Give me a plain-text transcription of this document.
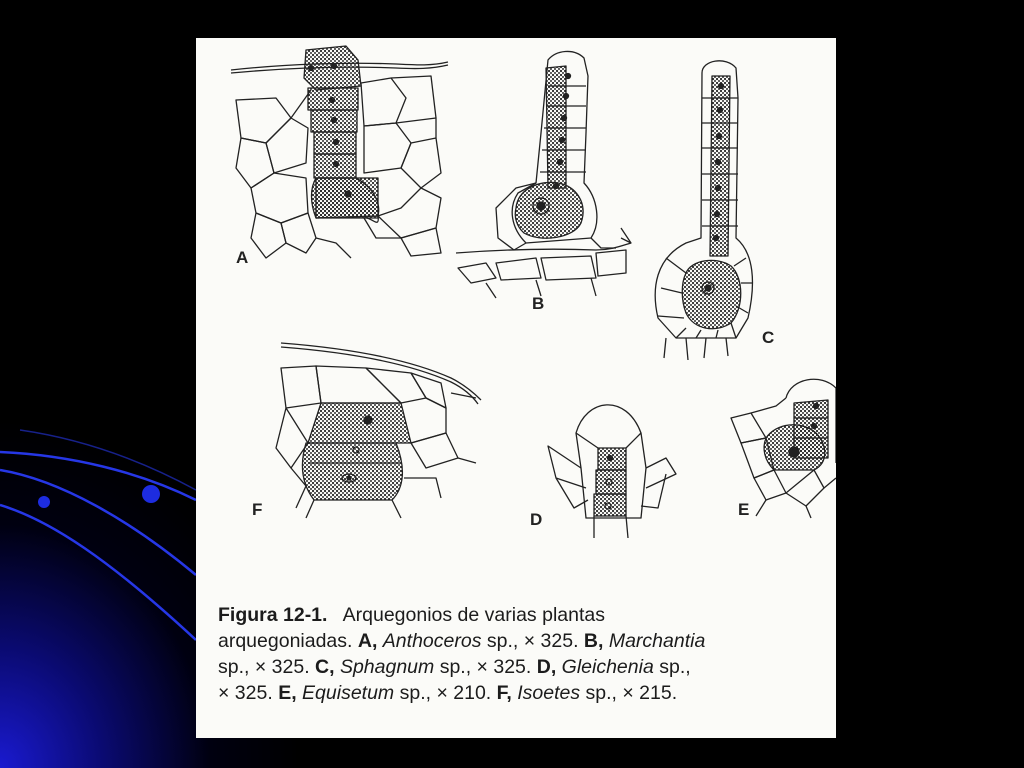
A
B
C
F
D
E
Figura 12-1. Arquegonios de varias plantas
arquegoniadas. A, Anthoceros sp., × 325. B, Marchantia
sp., × 325. C, Sphagnum sp., × 325. D, Gleichenia sp.,
× 325. E, Equisetum sp., × 210. F, Isoetes sp., × 215.
